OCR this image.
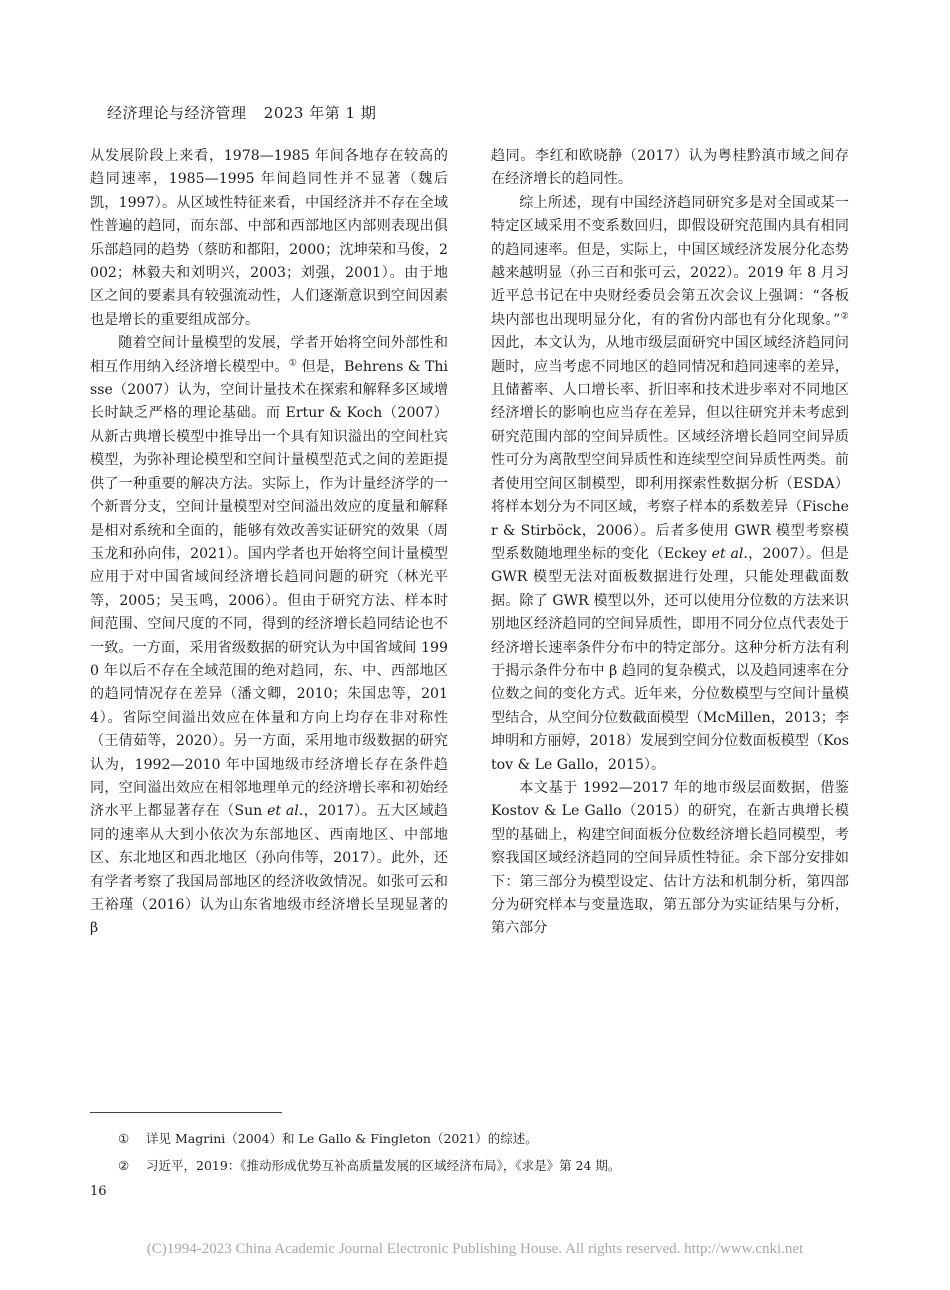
经济理论与经济管理 2023 年第 1 期

从发展阶段上来看，1978—1985 年间各地存在较高的趋同速率，1985—1995 年间趋同性并不显著（魏后凯，1997）。从区域性特征来看，中国经济并不存在全域性普遍的趋同，而东部、中部和西部地区内部则表现出俱乐部趋同的趋势（蔡昉和都阳，2000；沈坤荣和马俊，2002；林毅夫和刘明兴，2003；刘强，2001）。由于地区之间的要素具有较强流动性，人们逐渐意识到空间因素也是增长的重要组成部分。

随着空间计量模型的发展，学者开始将空间外部性和相互作用纳入经济增长模型中。① 但是，Behrens & Thisse（2007）认为，空间计量技术在探索和解释多区域增长时缺乏严格的理论基础。而 Ertur & Koch（2007）从新古典增长模型中推导出一个具有知识溢出的空间杜宾模型，为弥补理论模型和空间计量模型范式之间的差距提供了一种重要的解决方法。实际上，作为计量经济学的一个新晋分支，空间计量模型对空间溢出效应的度量和解释是相对系统和全面的，能够有效改善实证研究的效果（周玉龙和孙向伟，2021）。国内学者也开始将空间计量模型应用于对中国省域间经济增长趋同问题的研究（林光平等，2005；吴玉鸣，2006）。但由于研究方法、样本时间范围、空间尺度的不同，得到的经济增长趋同结论也不一致。一方面，采用省级数据的研究认为中国省域间 1990 年以后不存在全域范围的绝对趋同，东、中、西部地区的趋同情况存在差异（潘文卿，2010；朱国忠等，2014）。省际空间溢出效应在体量和方向上均存在非对称性（王倩茹等，2020）。另一方面，采用地市级数据的研究认为，1992—2010 年中国地级市经济增长存在条件趋同，空间溢出效应在相邻地理单元的经济增长率和初始经济水平上都显著存在（Sun et al.，2017）。五大区域趋同的速率从大到小依次为东部地区、西南地区、中部地区、东北地区和西北地区（孙向伟等，2017）。此外，还有学者考察了我国局部地区的经济收敛情况。如张可云和王裕瑾（2016）认为山东省地级市经济增长呈现显著的 β

趋同。李红和欧晓静（2017）认为粤桂黔滇市域之间存在经济增长的趋同性。

综上所述，现有中国经济趋同研究多是对全国或某一特定区域采用不变系数回归，即假设研究范围内具有相同的趋同速率。但是，实际上，中国区域经济发展分化态势越来越明显（孙三百和张可云，2022）。2019 年 8 月习近平总书记在中央财经委员会第五次会议上强调：“各板块内部也出现明显分化，有的省份内部也有分化现象。”② 因此，本文认为，从地市级层面研究中国区域经济趋同问题时，应当考虑不同地区的趋同情况和趋同速率的差异，且储蓄率、人口增长率、折旧率和技术进步率对不同地区经济增长的影响也应当存在差异，但以往研究并未考虑到研究范围内部的空间异质性。区域经济增长趋同空间异质性可分为离散型空间异质性和连续型空间异质性两类。前者使用空间区制模型，即利用探索性数据分析（ESDA）将样本划分为不同区域，考察子样本的系数差异（Fischer & Stirböck，2006）。后者多使用 GWR 模型考察模型系数随地理坐标的变化（Eckey et al.，2007）。但是 GWR 模型无法对面板数据进行处理，只能处理截面数据。除了 GWR 模型以外，还可以使用分位数的方法来识别地区经济趋同的空间异质性，即用不同分位点代表处于经济增长速率条件分布中的特定部分。这种分析方法有利于揭示条件分布中 β 趋同的复杂模式，以及趋同速率在分位数之间的变化方式。近年来，分位数模型与空间计量模型结合，从空间分位数截面模型（McMillen，2013；李坤明和方丽婷，2018）发展到空间分位数面板模型（Kostov & Le Gallo，2015）。

本文基于 1992—2017 年的地市级层面数据，借鉴 Kostov & Le Gallo（2015）的研究，在新古典增长模型的基础上，构建空间面板分位数经济增长趋同模型，考察我国区域经济趋同的空间异质性特征。余下部分安排如下：第三部分为模型设定、估计方法和机制分析，第四部分为研究样本与变量选取，第五部分为实证结果与分析，第六部分

① 详见 Magrini（2004）和 Le Gallo & Fingleton（2021）的综述。
② 习近平，2019：《推动形成优势互补高质量发展的区域经济布局》，《求是》第 24 期。
16
(C)1994-2023 China Academic Journal Electronic Publishing House. All rights reserved. http://www.cnki.net
